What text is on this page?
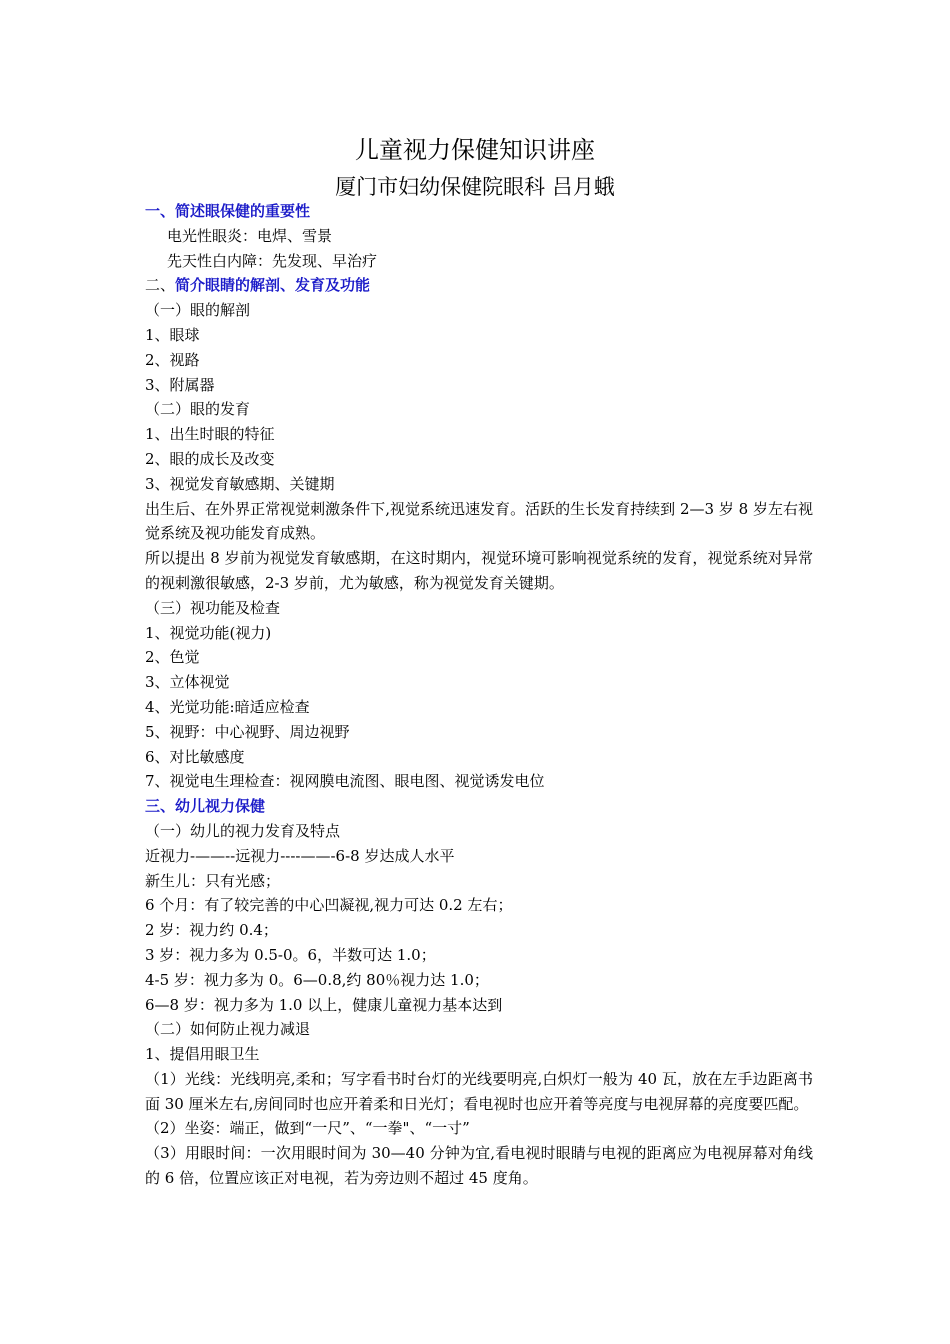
儿童视力保健知识讲座
厦门市妇幼保健院眼科 吕月蛾

一、简述眼保健的重要性

电光性眼炎：电焊、雪景

先天性白内障：先发现、早治疗

二、简介眼睛的解剖、发育及功能

（一）眼的解剖

1、眼球

2、视路

3、附属器

（二）眼的发育

1、出生时眼的特征

2、眼的成长及改变

3、视觉发育敏感期、关键期

出生后、在外界正常视觉刺激条件下,视觉系统迅速发育。活跃的生长发育持续到 2—3 岁 8 岁左右视觉系统及视功能发育成熟。

所以提出 8 岁前为视觉发育敏感期，在这时期内，视觉环境可影响视觉系统的发育，视觉系统对异常的视刺激很敏感，2-3 岁前，尤为敏感，称为视觉发育关键期。

（三）视功能及检查

1、视觉功能(视力)

2、色觉

3、立体视觉

4、光觉功能:暗适应检查

5、视野：中心视野、周边视野

6、对比敏感度

7、视觉电生理检查：视网膜电流图、眼电图、视觉诱发电位

三、幼儿视力保健

（一）幼儿的视力发育及特点

近视力-——--远视力----——-6-8 岁达成人水平

新生儿：只有光感；

6 个月：有了较完善的中心凹凝视,视力可达 0.2 左右；

2 岁：视力约 0.4；

3 岁：视力多为 0.5-0。6，半数可达 1.0；

4-5 岁：视力多为 0。6—0.8,约 80％视力达 1.0；

6—8 岁：视力多为 1.0 以上，健康儿童视力基本达到

（二）如何防止视力减退

1、提倡用眼卫生

（1）光线：光线明亮,柔和；写字看书时台灯的光线要明亮,白炽灯一般为 40 瓦，放在左手边距离书面 30 厘米左右,房间同时也应开着柔和日光灯；看电视时也应开着等亮度与电视屏幕的亮度要匹配。

（2）坐姿：端正，做到“一尺”、“一拳"、“一寸”

（3）用眼时间：一次用眼时间为 30—40 分钟为宜,看电视时眼睛与电视的距离应为电视屏幕对角线的 6 倍，位置应该正对电视，若为旁边则不超过 45 度角。
